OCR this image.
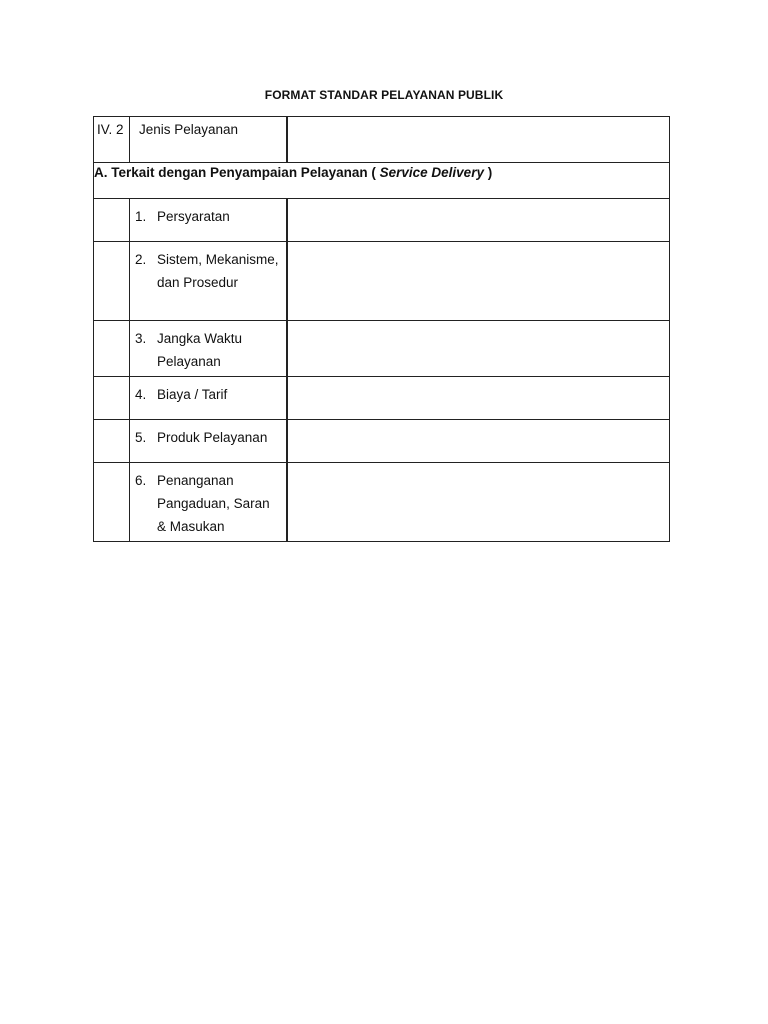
FORMAT STANDAR PELAYANAN PUBLIK
IV. 2	Jenis Pelayanan	

A. Terkait dengan Penyampaian Pelayanan ( Service Delivery )		

	1. Persyaratan	

	2. Sistem, Mekanisme, dan Prosedur	

	3. Jangka Waktu Pelayanan	

	4. Biaya / Tarif	

	5. Produk Pelayanan	

	6. Penanganan Pangaduan, Saran & Masukan	
